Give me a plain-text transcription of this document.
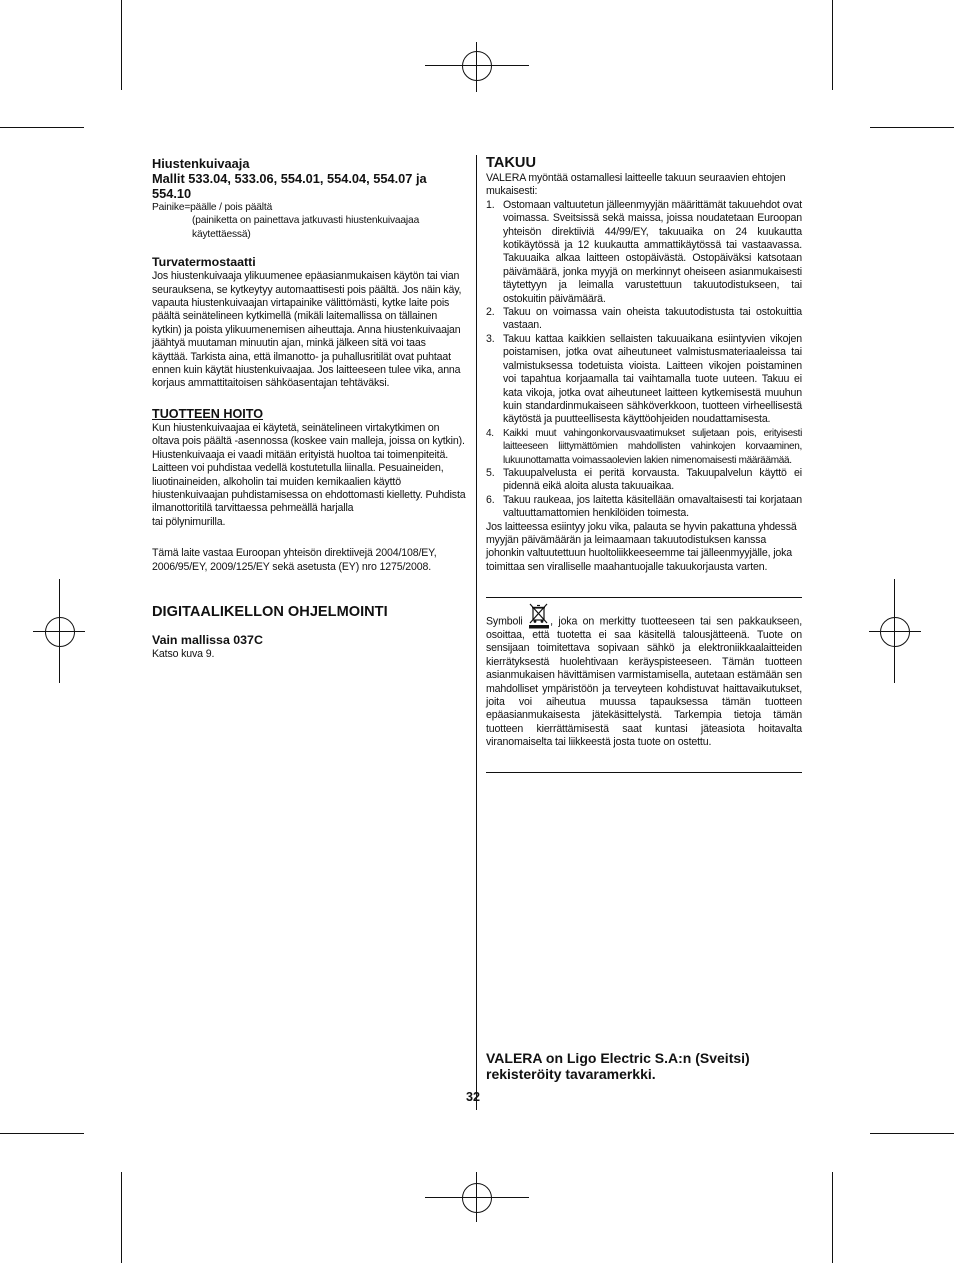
Hiustenkuivaaja

Mallit 533.04, 533.06, 554.01, 554.04, 554.07 ja 554.10

Painike=päälle / pois päältä

(painiketta on painettava jatkuvasti hiustenkuivaajaa käytettäessä)

Turvatermostaatti

Jos hiustenkuivaaja ylikuumenee epäasianmukaisen käytön tai vian seurauksena, se kytkeytyy automaattisesti pois päältä. Jos näin käy, vapauta hiustenkuivaajan virtapainike välittömästi, kytke laite pois päältä seinätelineen kytkimellä (mikäli laitemallissa on tällainen kytkin) ja poista ylikuumenemisen aiheuttaja. Anna hiustenkuivaajan jäähtyä muutaman minuutin ajan, minkä jälkeen sitä voi taas käyttää. Tarkista aina, että ilmanotto- ja puhallusritilät ovat puhtaat ennen kuin käytät hiustenkuivaajaa. Jos laitteeseen tulee vika, anna korjaus ammattitaitoisen sähköasentajan tehtäväksi.

TUOTTEEN HOITO

Kun hiustenkuivaajaa ei käytetä, seinätelineen virtakytkimen on oltava pois päältä -asennossa (koskee vain malleja, joissa on kytkin). Hiustenkuivaaja ei vaadi mitään erityistä huoltoa tai toimenpiteitä. Laitteen voi puhdistaa vedellä kostutetulla liinalla. Pesuaineiden, liuotinaineiden, alkoholin tai muiden kemikaalien käyttö hiustenkuivaajan puhdistamisessa on ehdottomasti kielletty. Puhdista ilmanottoritilä tarvittaessa pehmeällä harjalla

tai pölynimurilla.

Tämä laite vastaa Euroopan yhteisön direktiivejä 2004/108/EY, 2006/95/EY, 2009/125/EY sekä asetusta (EY) nro 1275/2008.

DIGITAALIKELLON OHJELMOINTI

Vain mallissa 037C

Katso kuva 9.

TAKUU

VALERA myöntää ostamallesi laitteelle takuun seuraavien ehtojen mukaisesti:

1. Ostomaan valtuutetun jälleenmyyjän määrittämät takuuehdot ovat voimassa. Sveitsissä sekä maissa, joissa noudatetaan Euroopan yhteisön direktiiviä 44/99/EY, takuuaika on 24 kuukautta kotikäytössä ja 12 kuukautta ammattikäytössä tai vastaavassa. Takuuaika alkaa laitteen ostopäivästä. Ostopäiväksi katsotaan päivämäärä, jonka myyjä on merkinnyt oheiseen asianmukaisesti täytettyyn ja leimalla varustettuun takuutodistukseen, tai ostokuitin päivämäärä.
2. Takuu on voimassa vain oheista takuutodistusta tai ostokuittia vastaan.
3. Takuu kattaa kaikkien sellaisten takuuaikana esiintyvien vikojen poistamisen, jotka ovat aiheutuneet valmistusmateriaaleissa tai valmistuksessa todetuista vioista. Laitteen vikojen poistaminen voi tapahtua korjaamalla tai vaihtamalla tuote uuteen. Takuu ei kata vikoja, jotka ovat aiheutuneet laitteen kytkemisestä muuhun kuin standardinmukaiseen sähköverkkoon, tuotteen virheellisestä käytöstä ja puutteellisesta käyttöohjeiden noudattamisesta.
4. Kaikki muut vahingonkorvausvaatimukset suljetaan pois, erityisesti laitteeseen liittymättömien mahdollisten vahinkojen korvaaminen, lukuunottamatta voimassaolevien lakien nimenomaisesti määräämää.
5. Takuupalvelusta ei peritä korvausta. Takuupalvelun käyttö ei pidennä eikä aloita alusta takuuaikaa.
6. Takuu raukeaa, jos laitetta käsitellään omavaltaisesti tai korjataan valtuuttamattomien henkilöiden toimesta.

Jos laitteessa esiintyy joku vika, palauta se hyvin pakattuna yhdessä myyjän päivämäärän ja leimaamaan takuutodistuksen kanssa johonkin valtuutettuun huoltoliikkeeseemme tai jälleenmyyjälle, joka toimittaa sen viralliselle maahantuojalle takuukorjausta varten.

Symboli	, joka on merkitty tuotteeseen tai sen pakkaukseen, osoittaa, että tuotetta ei saa käsitellä talousjätteenä. Tuote on sensijaan toimitettava sopivaan sähkö ja elektroniikkaalaitteiden kierrätyksestä huolehtivaan keräyspisteeseen. Tämän tuotteen asianmukaisen hävittämisen varmistamisella, autetaan estämään sen mahdolliset ympäristöön ja terveyteen kohdistuvat haittavaikutukset, joita voi aiheutua muussa tapauksessa tämän tuotteen epäasianmukaisesta jätekäsittelystä. Tarkempia tietoja tämän tuotteen kierrättämisestä saat kuntasi jäteasiota hoitavalta viranomaiselta tai liikkeestä josta tuote on ostettu.

VALERA on Ligo Electric S.A:n (Sveitsi) rekisteröity tavaramerkki.

32
